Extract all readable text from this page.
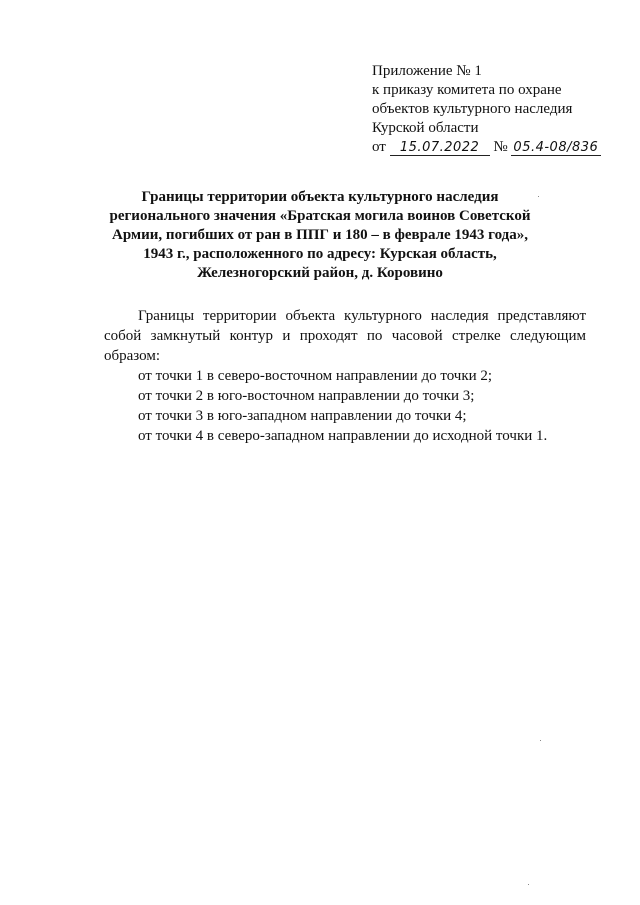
Приложение № 1
к приказу комитета по охране
объектов культурного наследия
Курской области
от 15.07.2022 № 05.4-08/836
Границы территории объекта культурного наследия
регионального значения «Братская могила воинов Советской
Армии, погибших от ран в ППГ и 180 – в феврале 1943 года»,
1943 г., расположенного по адресу: Курская область,
Железногорский район, д. Коровино

Границы территории объекта культурного наследия представляют собой замкнутый контур и проходят по часовой стрелке следующим образом:

от точки 1 в северо-восточном направлении до точки 2;
от точки 2 в юго-восточном направлении до точки 3;
от точки 3 в юго-западном направлении до точки 4;
от точки 4 в северо-западном направлении до исходной точки 1.
